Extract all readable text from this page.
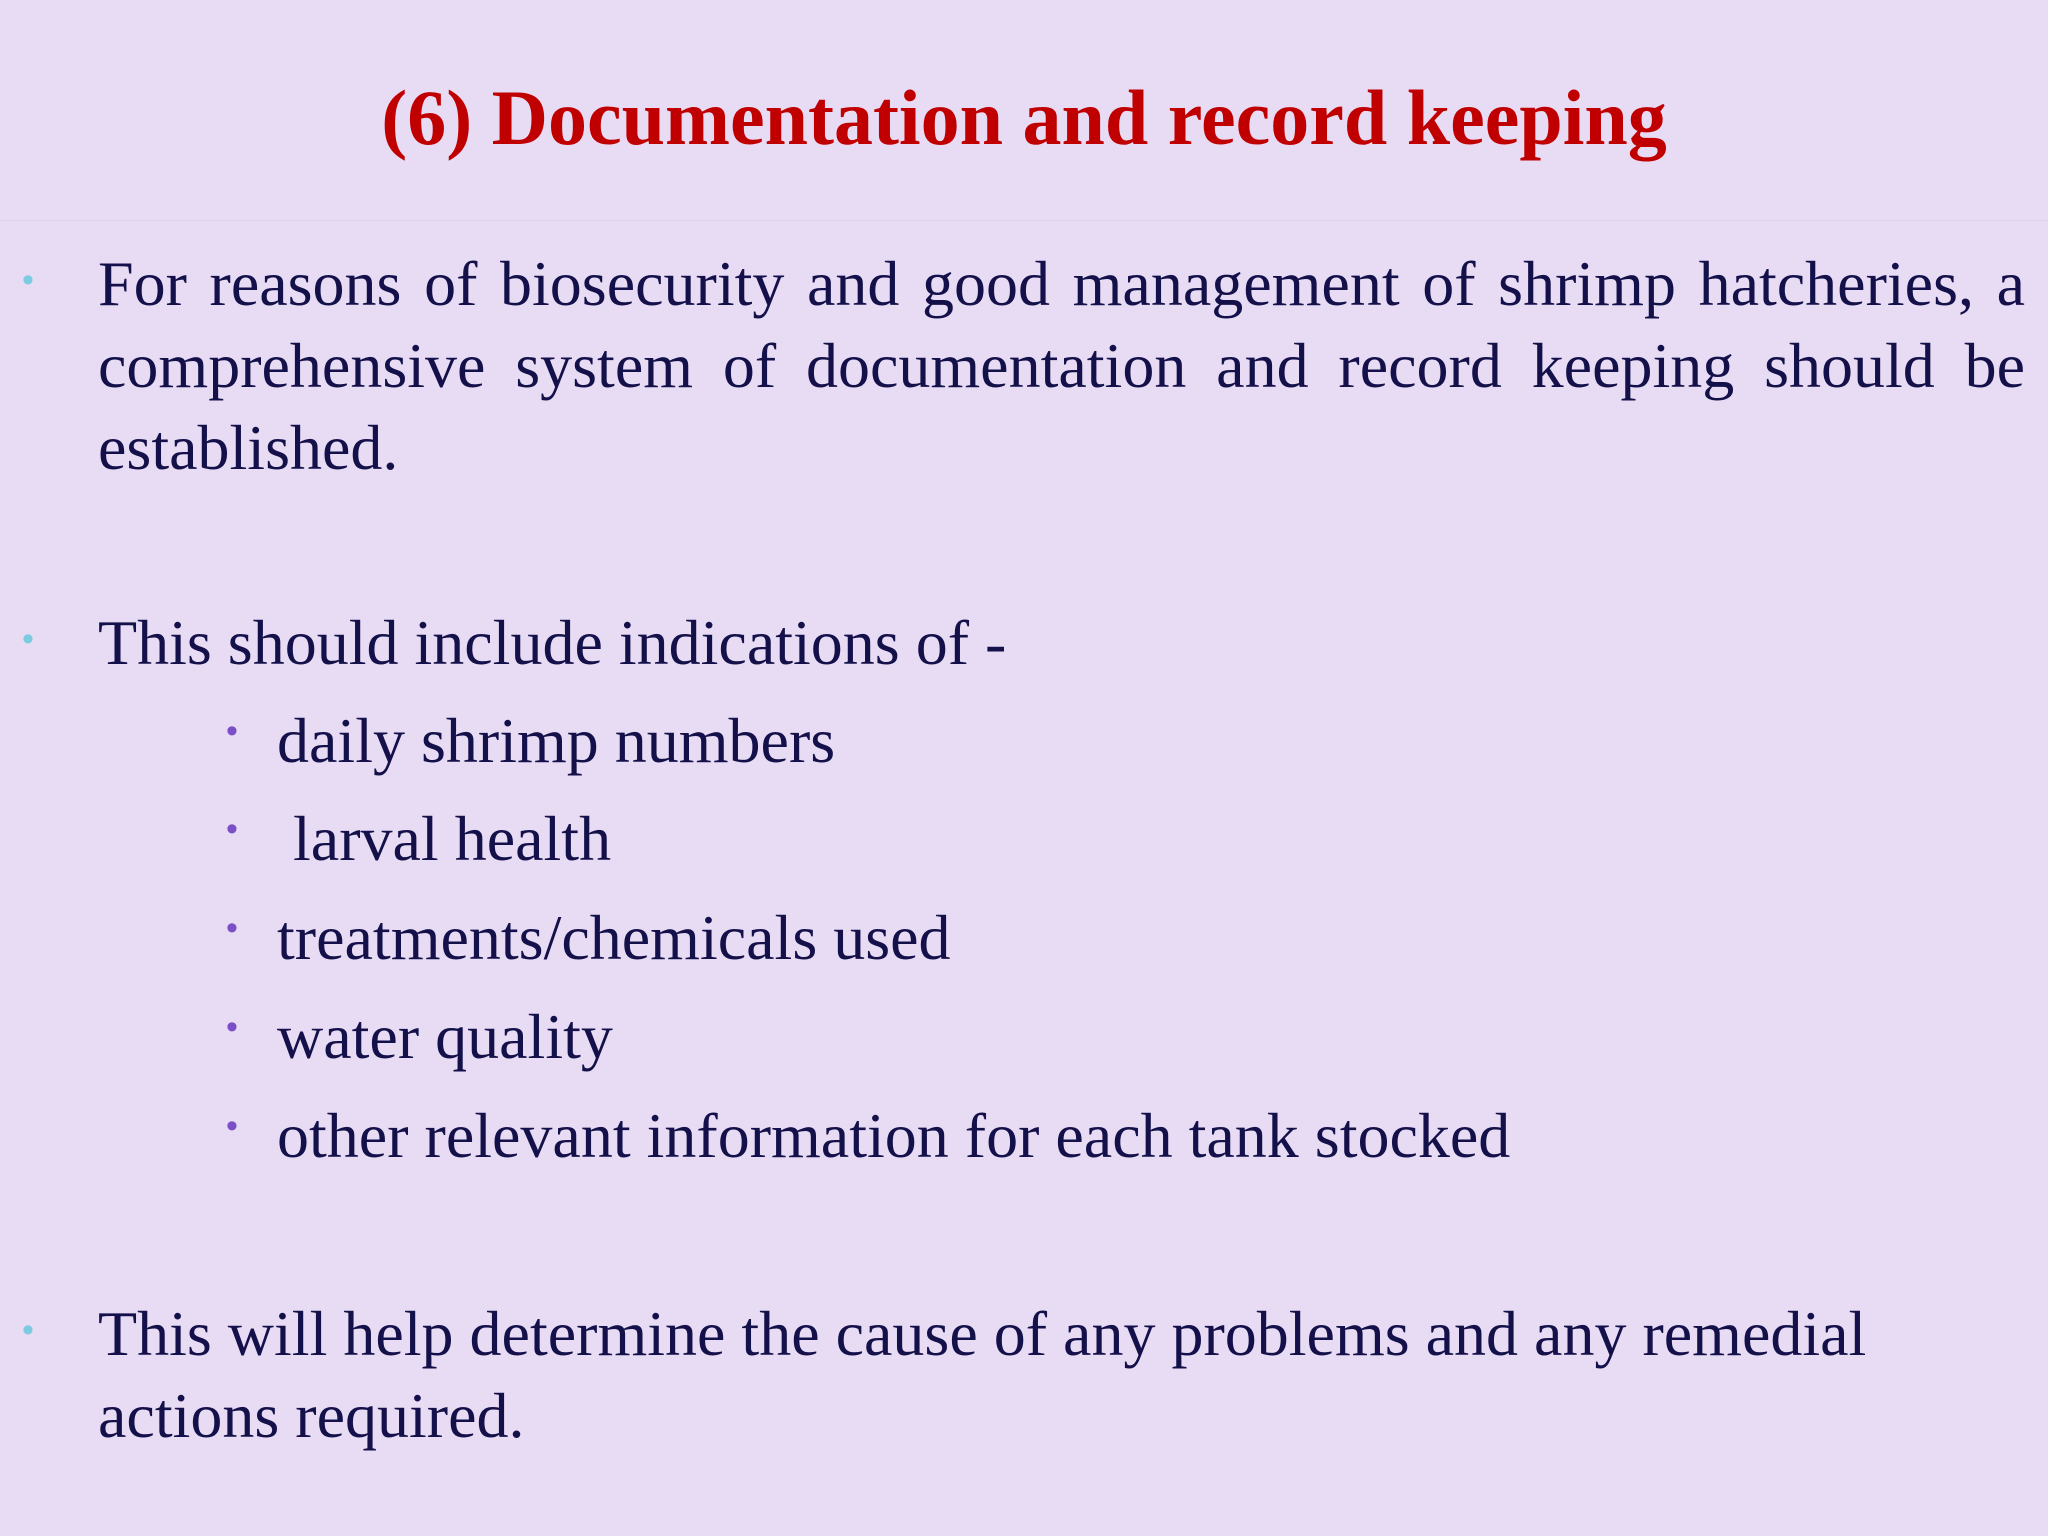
(6) Documentation and record keeping
• For reasons of biosecurity and good management of shrimp hatcheries, a comprehensive system of documentation and record keeping should be established.

• This should include indications of -

• daily shrimp numbers

• larval health

• treatments/chemicals used

• water quality

• other relevant information for each tank stocked

• This will help determine the cause of any problems and any remedial actions required.
